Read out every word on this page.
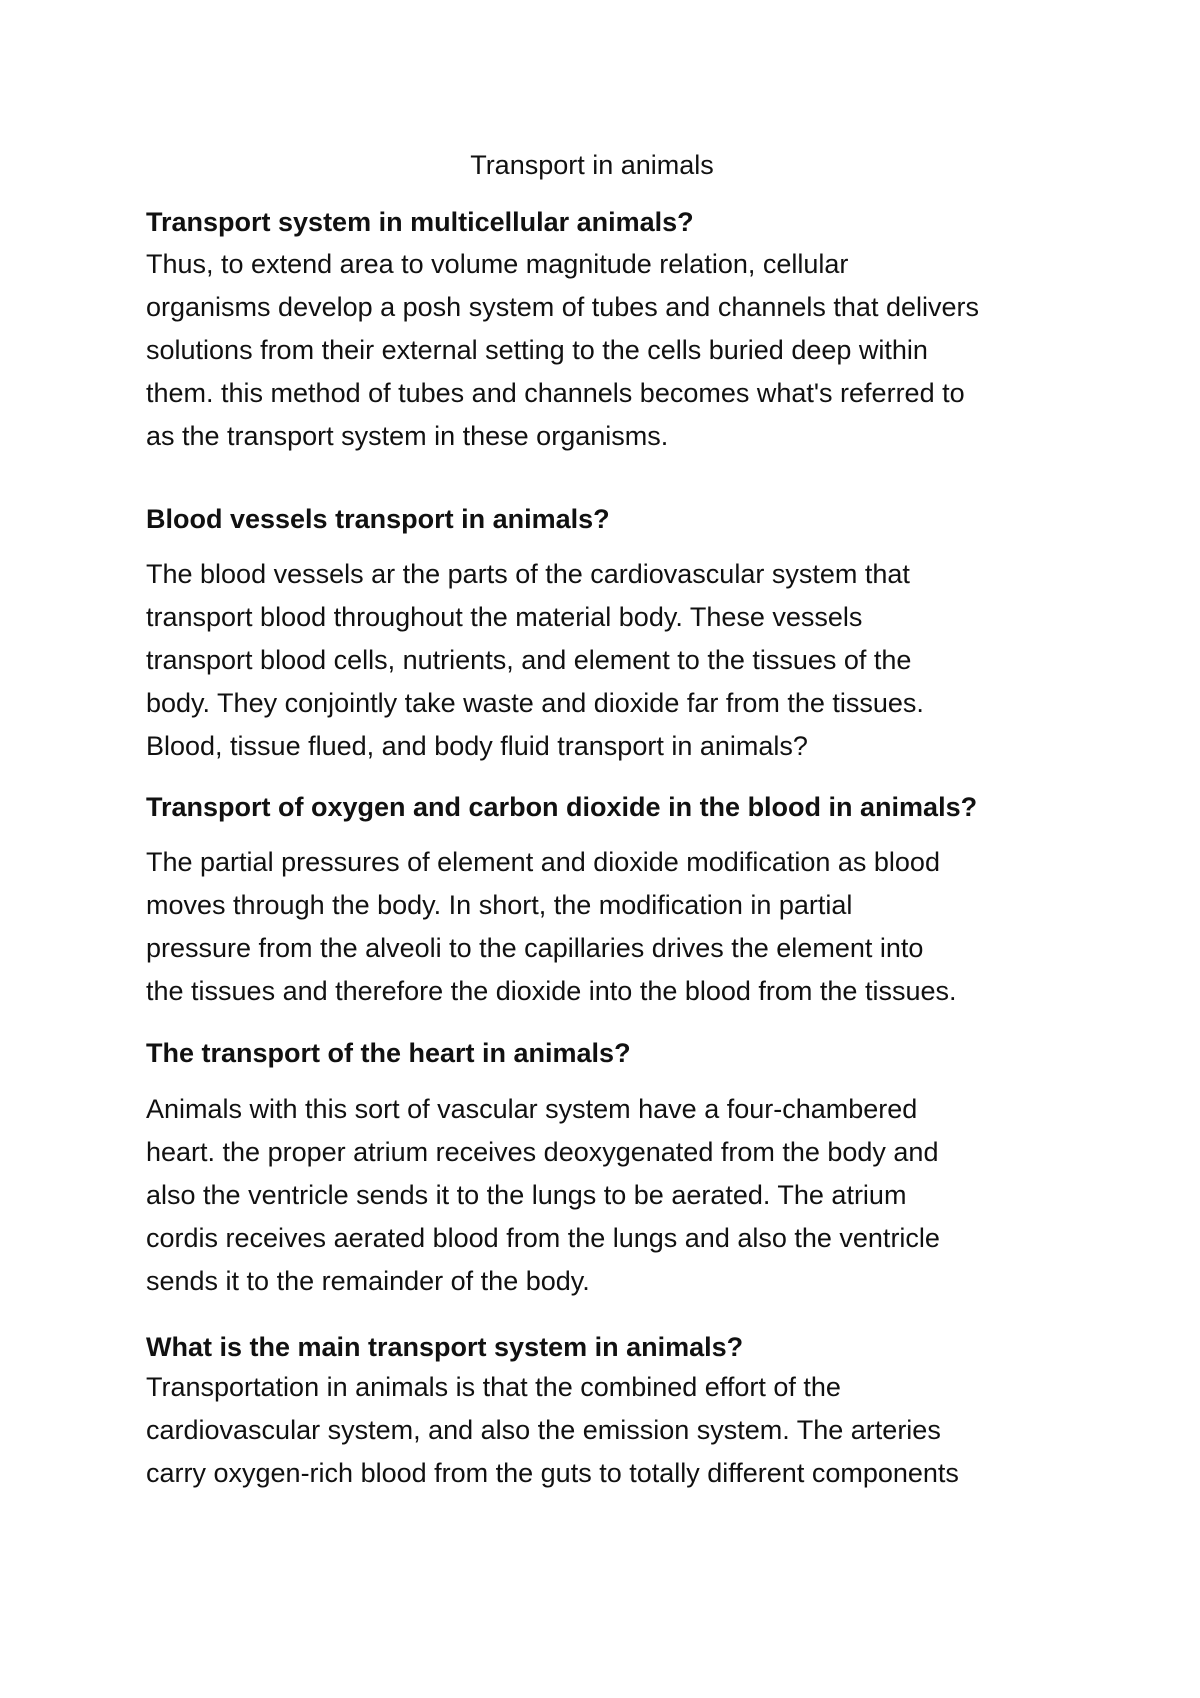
Transport in animals
Transport system in multicellular animals?
Thus, to extend area to volume magnitude relation, cellular
organisms develop a posh system of tubes and channels that delivers
solutions from their external setting to the cells buried deep within
them. this method of tubes and channels becomes what's referred to
as the transport system in these organisms.
Blood vessels transport in animals?
The blood vessels ar the parts of the cardiovascular system that
transport blood throughout the material body. These vessels
transport blood cells, nutrients, and element to the tissues of the
body. They conjointly take waste and dioxide far from the tissues.
Blood, tissue flued, and body fluid transport in animals?
Transport of oxygen and carbon dioxide in the blood in animals?
The partial pressures of element and dioxide modification as blood
moves through the body. In short, the modification in partial
pressure from the alveoli to the capillaries drives the element into
the tissues and therefore the dioxide into the blood from the tissues.
The transport of the heart in animals?
Animals with this sort of vascular system have a four-chambered
heart. the proper atrium receives deoxygenated from the body and
also the ventricle sends it to the lungs to be aerated. The atrium
cordis receives aerated blood from the lungs and also the ventricle
sends it to the remainder of the body.
What is the main transport system in animals?
Transportation in animals is that the combined effort of the
cardiovascular system, and also the emission system. The arteries
carry oxygen-rich blood from the guts to totally different components
